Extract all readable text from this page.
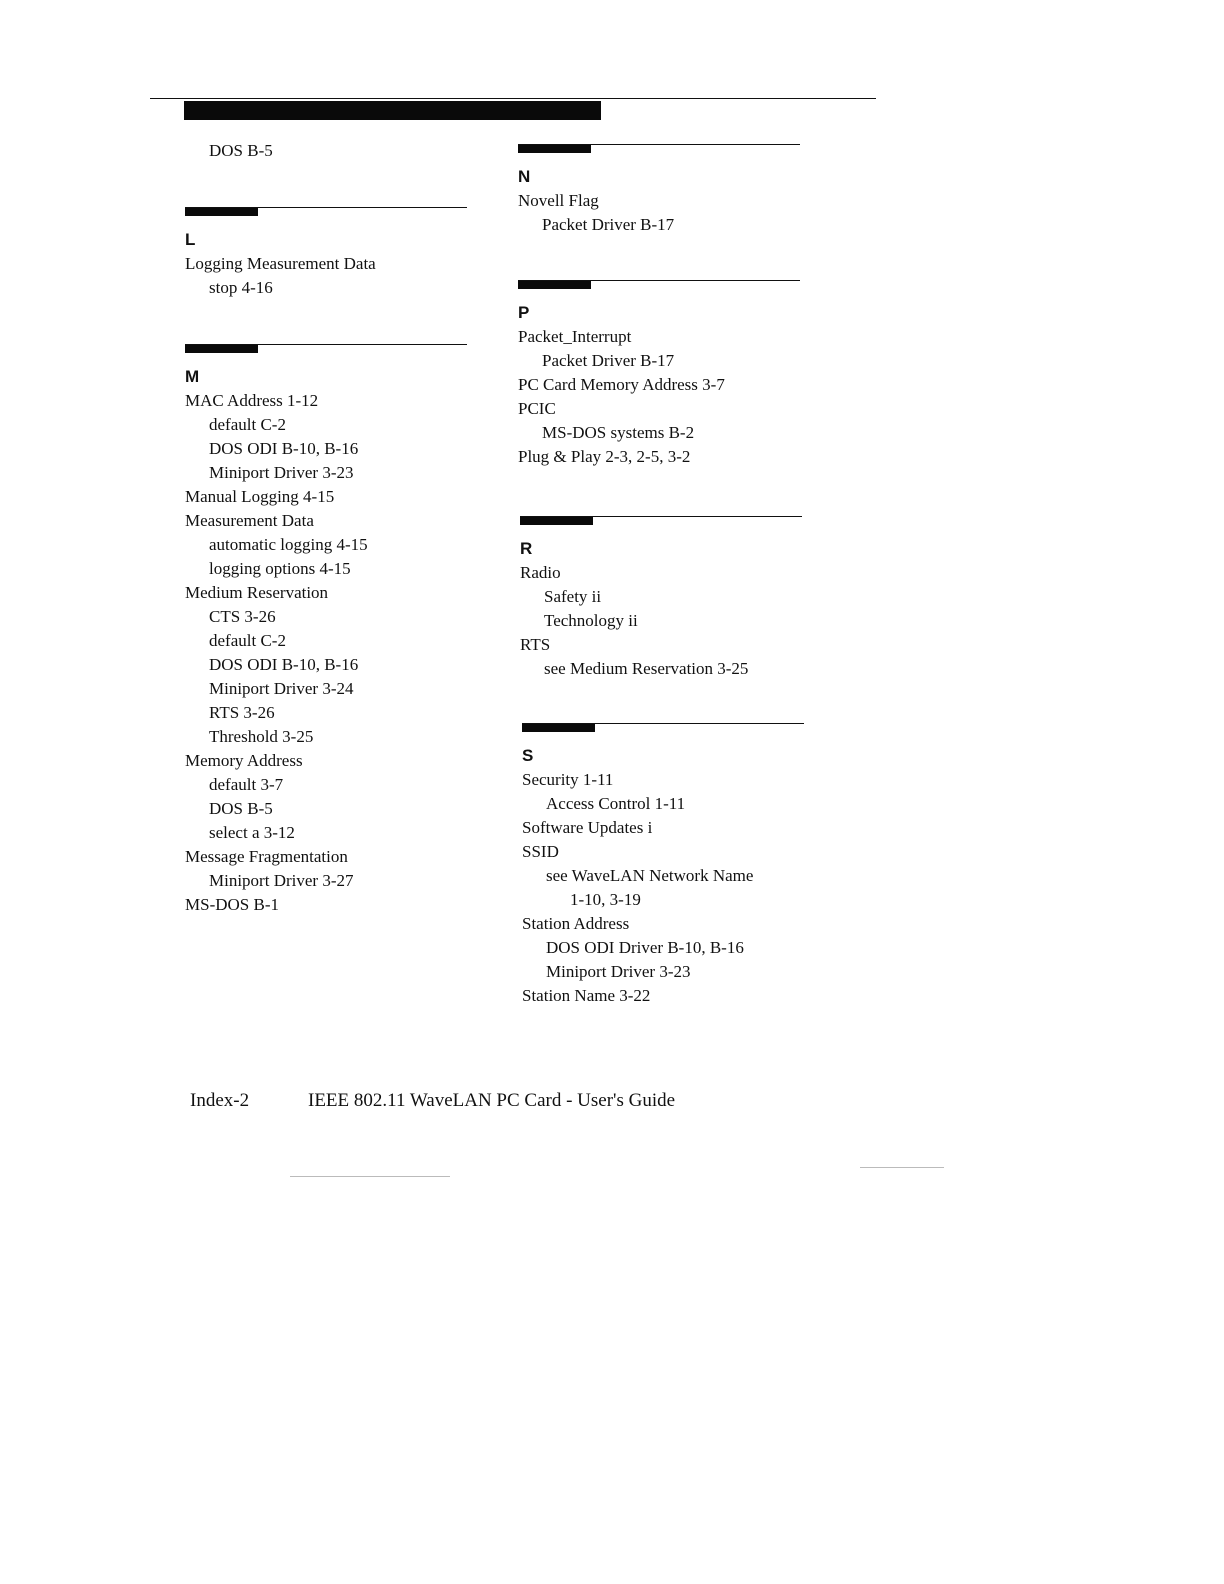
DOS B-5
L
Logging Measurement Data
stop 4-16
M
MAC Address 1-12
default C-2
DOS ODI B-10, B-16
Miniport Driver 3-23
Manual Logging 4-15
Measurement Data
automatic logging 4-15
logging options 4-15
Medium Reservation
CTS 3-26
default C-2
DOS ODI B-10, B-16
Miniport Driver 3-24
RTS 3-26
Threshold 3-25
Memory Address
default 3-7
DOS B-5
select a 3-12
Message Fragmentation
Miniport Driver 3-27
MS-DOS B-1
N
Novell Flag
Packet Driver B-17
P
Packet_Interrupt
Packet Driver B-17
PC Card Memory Address 3-7
PCIC
MS-DOS systems B-2
Plug & Play 2-3, 2-5, 3-2
R
Radio
Safety ii
Technology ii
RTS
see Medium Reservation 3-25
S
Security 1-11
Access Control 1-11
Software Updates i
SSID
see WaveLAN Network Name
1-10, 3-19
Station Address
DOS ODI Driver B-10, B-16
Miniport Driver 3-23
Station Name 3-22
Index-2	IEEE 802.11 WaveLAN PC Card - User's Guide
